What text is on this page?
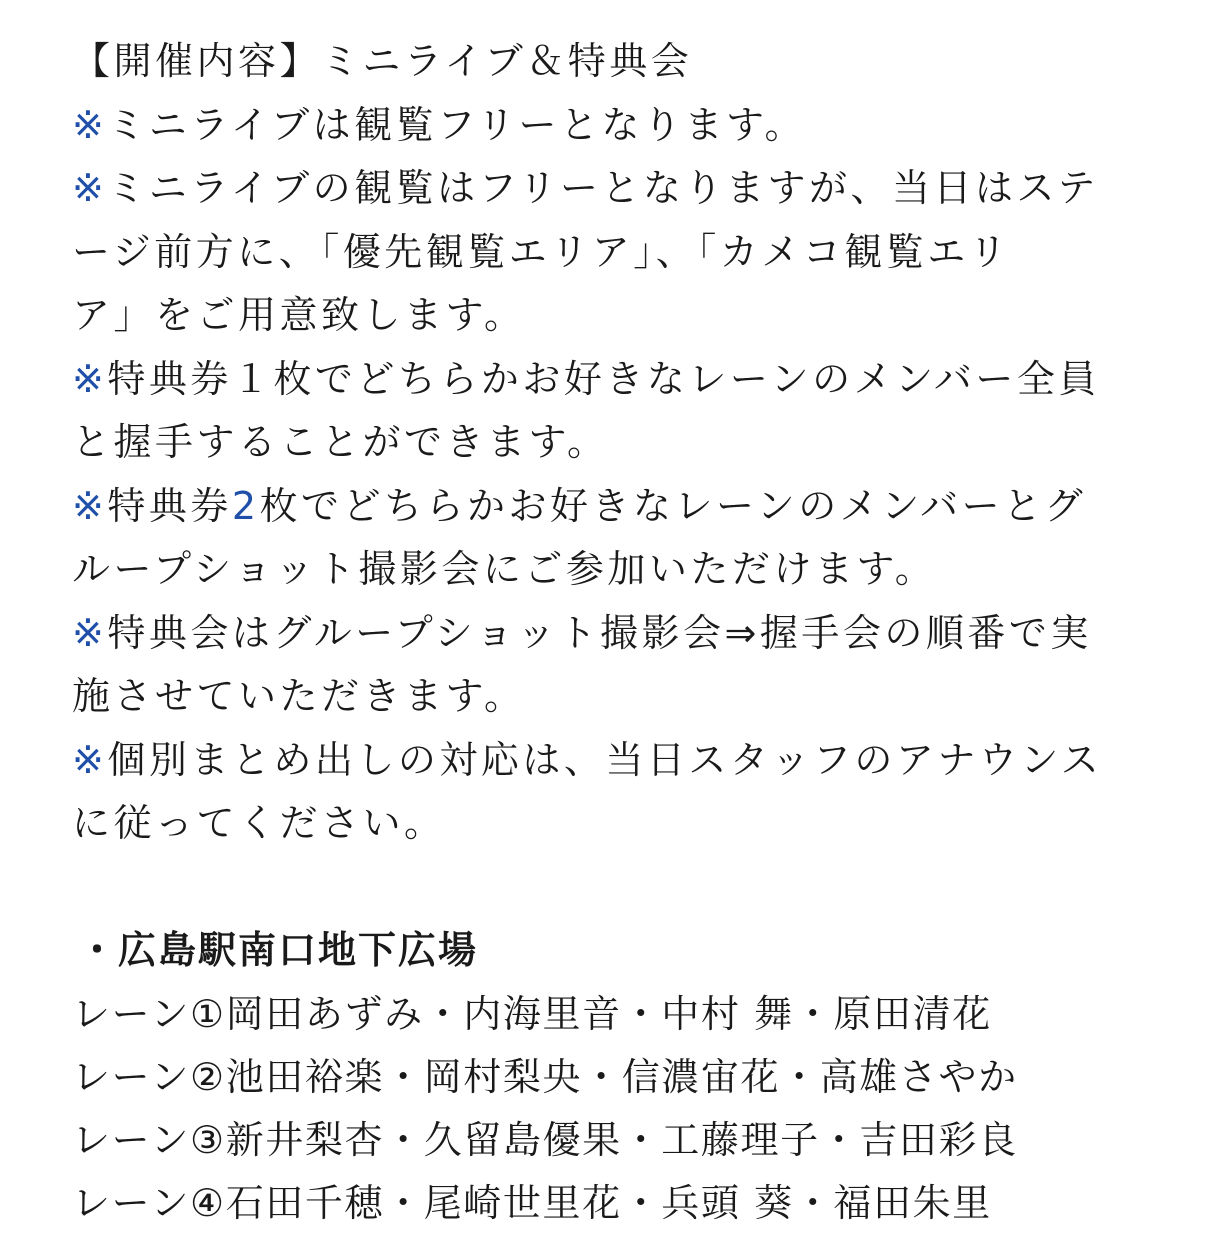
【開催内容】ミニライブ＆特典会
※ミニライブは観覧フリーとなります。
※ミニライブの観覧はフリーとなりますが、当日はステ
ージ前方に、「優先観覧エリア」、「カメコ観覧エリ
ア」をご用意致します。
※特典券１枚でどちらかお好きなレーンのメンバー全員
と握手することができます。
※特典券2枚でどちらかお好きなレーンのメンバーとグ
ループショット撮影会にご参加いただけます。
※特典会はグループショット撮影会⇒握手会の順番で実
施させていただきます。
※個別まとめ出しの対応は、当日スタッフのアナウンス
に従ってください。
・広島駅南口地下広場
レーン①岡田あずみ・内海里音・中村 舞・原田清花
レーン②池田裕楽・岡村梨央・信濃宙花・高雄さやか
レーン③新井梨杏・久留島優果・工藤理子・吉田彩良
レーン④石田千穂・尾崎世里花・兵頭 葵・福田朱里
